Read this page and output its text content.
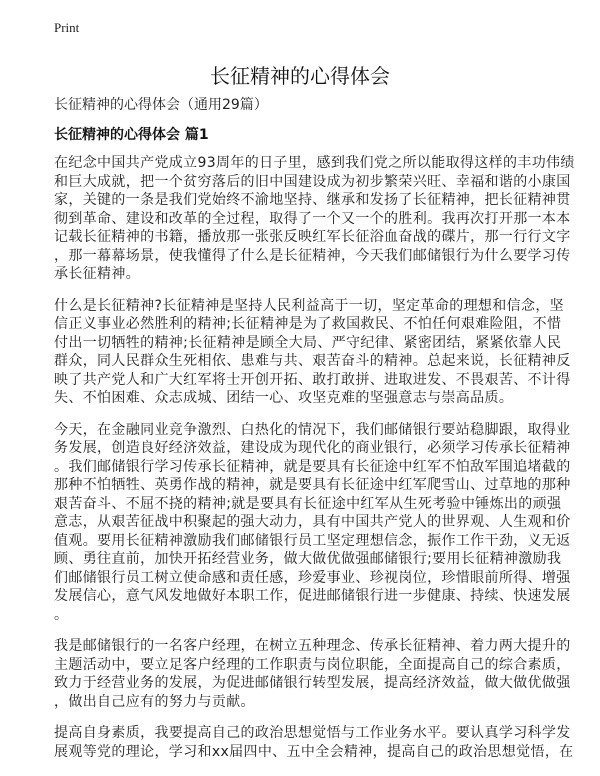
Print
长征精神的心得体会
长征精神的心得体会（通用29篇）
长征精神的心得体会 篇1
在纪念中国共产党成立93周年的日子里，感到我们党之所以能取得这样的丰功伟绩
和巨大成就，把一个贫穷落后的旧中国建设成为初步繁荣兴旺、幸福和谐的小康国
家，关键的一条是我们党始终不渝地坚持、继承和发扬了长征精神，把长征精神贯
彻到革命、建设和改革的全过程，取得了一个又一个的胜利。我再次打开那一本本
记载长征精神的书籍，播放那一张张反映红军长征浴血奋战的碟片，那一行行文字
，那一幕幕场景，使我懂得了什么是长征精神，今天我们邮储银行为什么要学习传
承长征精神。
什么是长征精神?长征精神是坚持人民利益高于一切，坚定革命的理想和信念，坚
信正义事业必然胜利的精神;长征精神是为了救国救民、不怕任何艰难险阻，不惜
付出一切牺牲的精神;长征精神是顾全大局、严守纪律、紧密团结，紧紧依靠人民
群众，同人民群众生死相依、患难与共、艰苦奋斗的精神。总起来说，长征精神反
映了共产党人和广大红军将士开创开拓、敢打敢拼、进取进发、不畏艰苦、不计得
失、不怕困难、众志成城、团结一心、攻坚克难的坚强意志与崇高品质。
今天，在金融同业竞争激烈、白热化的情况下，我们邮储银行要站稳脚跟，取得业
务发展，创造良好经济效益，建设成为现代化的商业银行，必须学习传承长征精神
。我们邮储银行学习传承长征精神，就是要具有长征途中红军不怕敌军围追堵截的
那种不怕牺牲、英勇作战的精神，就是要具有长征途中红军爬雪山、过草地的那种
艰苦奋斗、不屈不挠的精神;就是要具有长征途中红军从生死考验中锤炼出的顽强
意志，从艰苦征战中积聚起的强大动力，具有中国共产党人的世界观、人生观和价
值观。要用长征精神激励我们邮储银行员工坚定理想信念，振作工作干劲，义无返
顾、勇往直前，加快开拓经营业务，做大做优做强邮储银行;要用长征精神激励我
们邮储银行员工树立使命感和责任感，珍爱事业、珍视岗位，珍惜眼前所得、增强
发展信心，意气风发地做好本职工作，促进邮储银行进一步健康、持续、快速发展
。
我是邮储银行的一名客户经理，在树立五种理念、传承长征精神、着力两大提升的
主题活动中，要立足客户经理的工作职责与岗位职能，全面提高自己的综合素质，
致力于经营业务的发展，为促进邮储银行转型发展，提高经济效益，做大做优做强
，做出自己应有的努力与贡献。
提高自身素质，我要提高自己的政治思想觉悟与工作业务水平。要认真学习科学发
展观等党的理论，学习和xx届四中、五中全会精神，提高自己的政治思想觉悟，在
